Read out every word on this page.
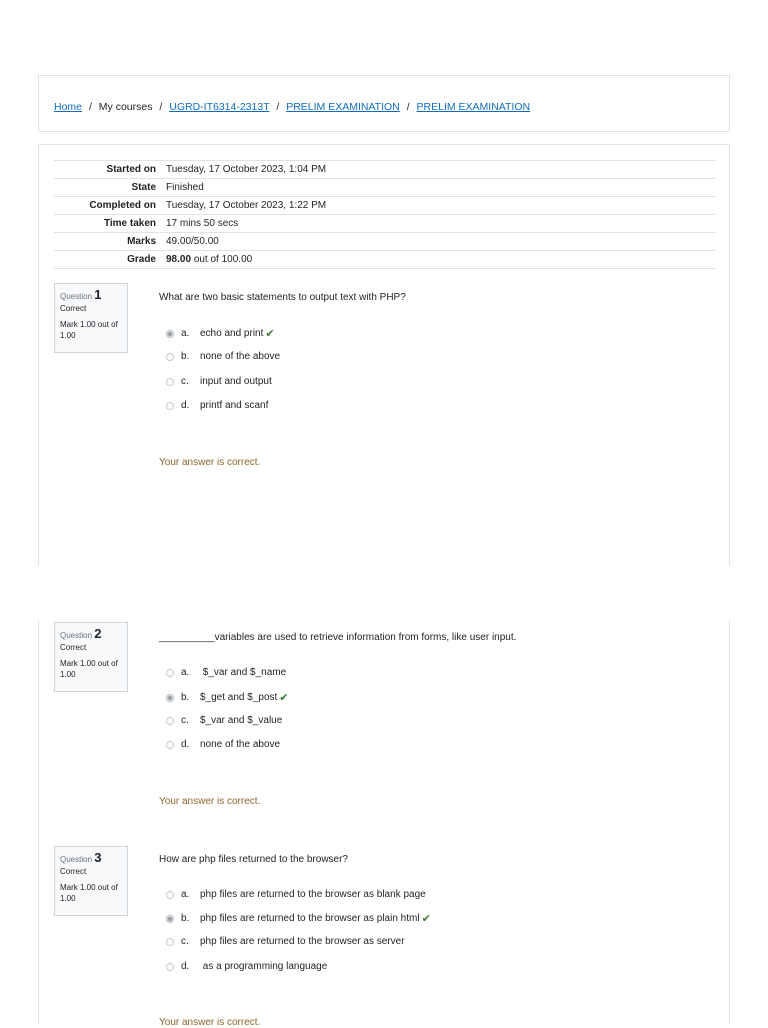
Home / My courses / UGRD-IT6314-2313T / PRELIM EXAMINATION / PRELIM EXAMINATION
Started on	Tuesday, 17 October 2023, 1:04 PM
State	Finished
Completed on	Tuesday, 17 October 2023, 1:22 PM
Time taken	17 mins 50 secs
Marks	49.00/50.00
Grade	98.00 out of 100.00
Question 1
Correct
Mark 1.00 out of 1.00
What are two basic statements to output text with PHP?
a.	echo and print ✔
b.	none of the above
c.	input and output
d.	printf and scanf
Your answer is correct.
Question 2
Correct
Mark 1.00 out of 1.00
__________variables are used to retrieve information from forms, like user input.
a.	$_var and $_name
b.	$_get and $_post ✔
c.	$_var and $_value
d.	none of the above
Your answer is correct.
Question 3
Correct
Mark 1.00 out of 1.00
How are php files returned to the browser?
a.	php files are returned to the browser as blank page
b.	php files are returned to the browser as plain html ✔
c.	php files are returned to the browser as server
d.	as a programming language
Your answer is correct.
